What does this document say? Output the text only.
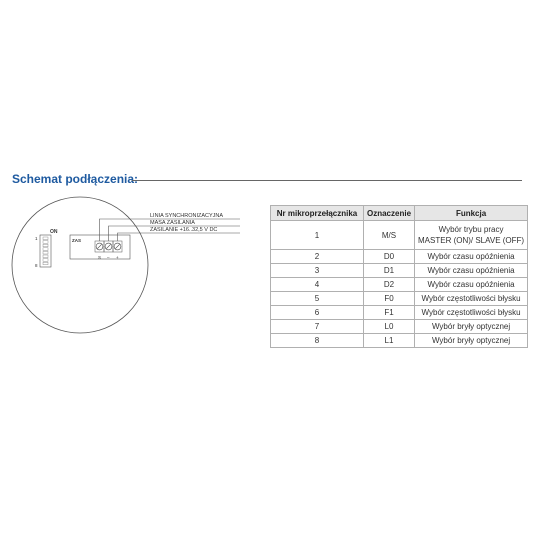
Schemat podłączenia:
ON
1
8
ZAS
S – +
LINIA SYNCHRONIZACYJNA
MASA ZASILANIA
ZASILANIE +16..32,5 V DC
Nr mikroprzełącznika	Oznaczenie	Funkcja
1	M/S	Wybór trybu pracy
MASTER (ON)/ SLAVE (OFF)

2	D0	Wybór czasu opóźnienia
3	D1	Wybór czasu opóźnienia
4	D2	Wybór czasu opóźnienia
5	F0	Wybór częstotliwości błysku
6	F1	Wybór częstotliwości błysku
7	L0	Wybór bryły optycznej
8	L1	Wybór bryły optycznej
